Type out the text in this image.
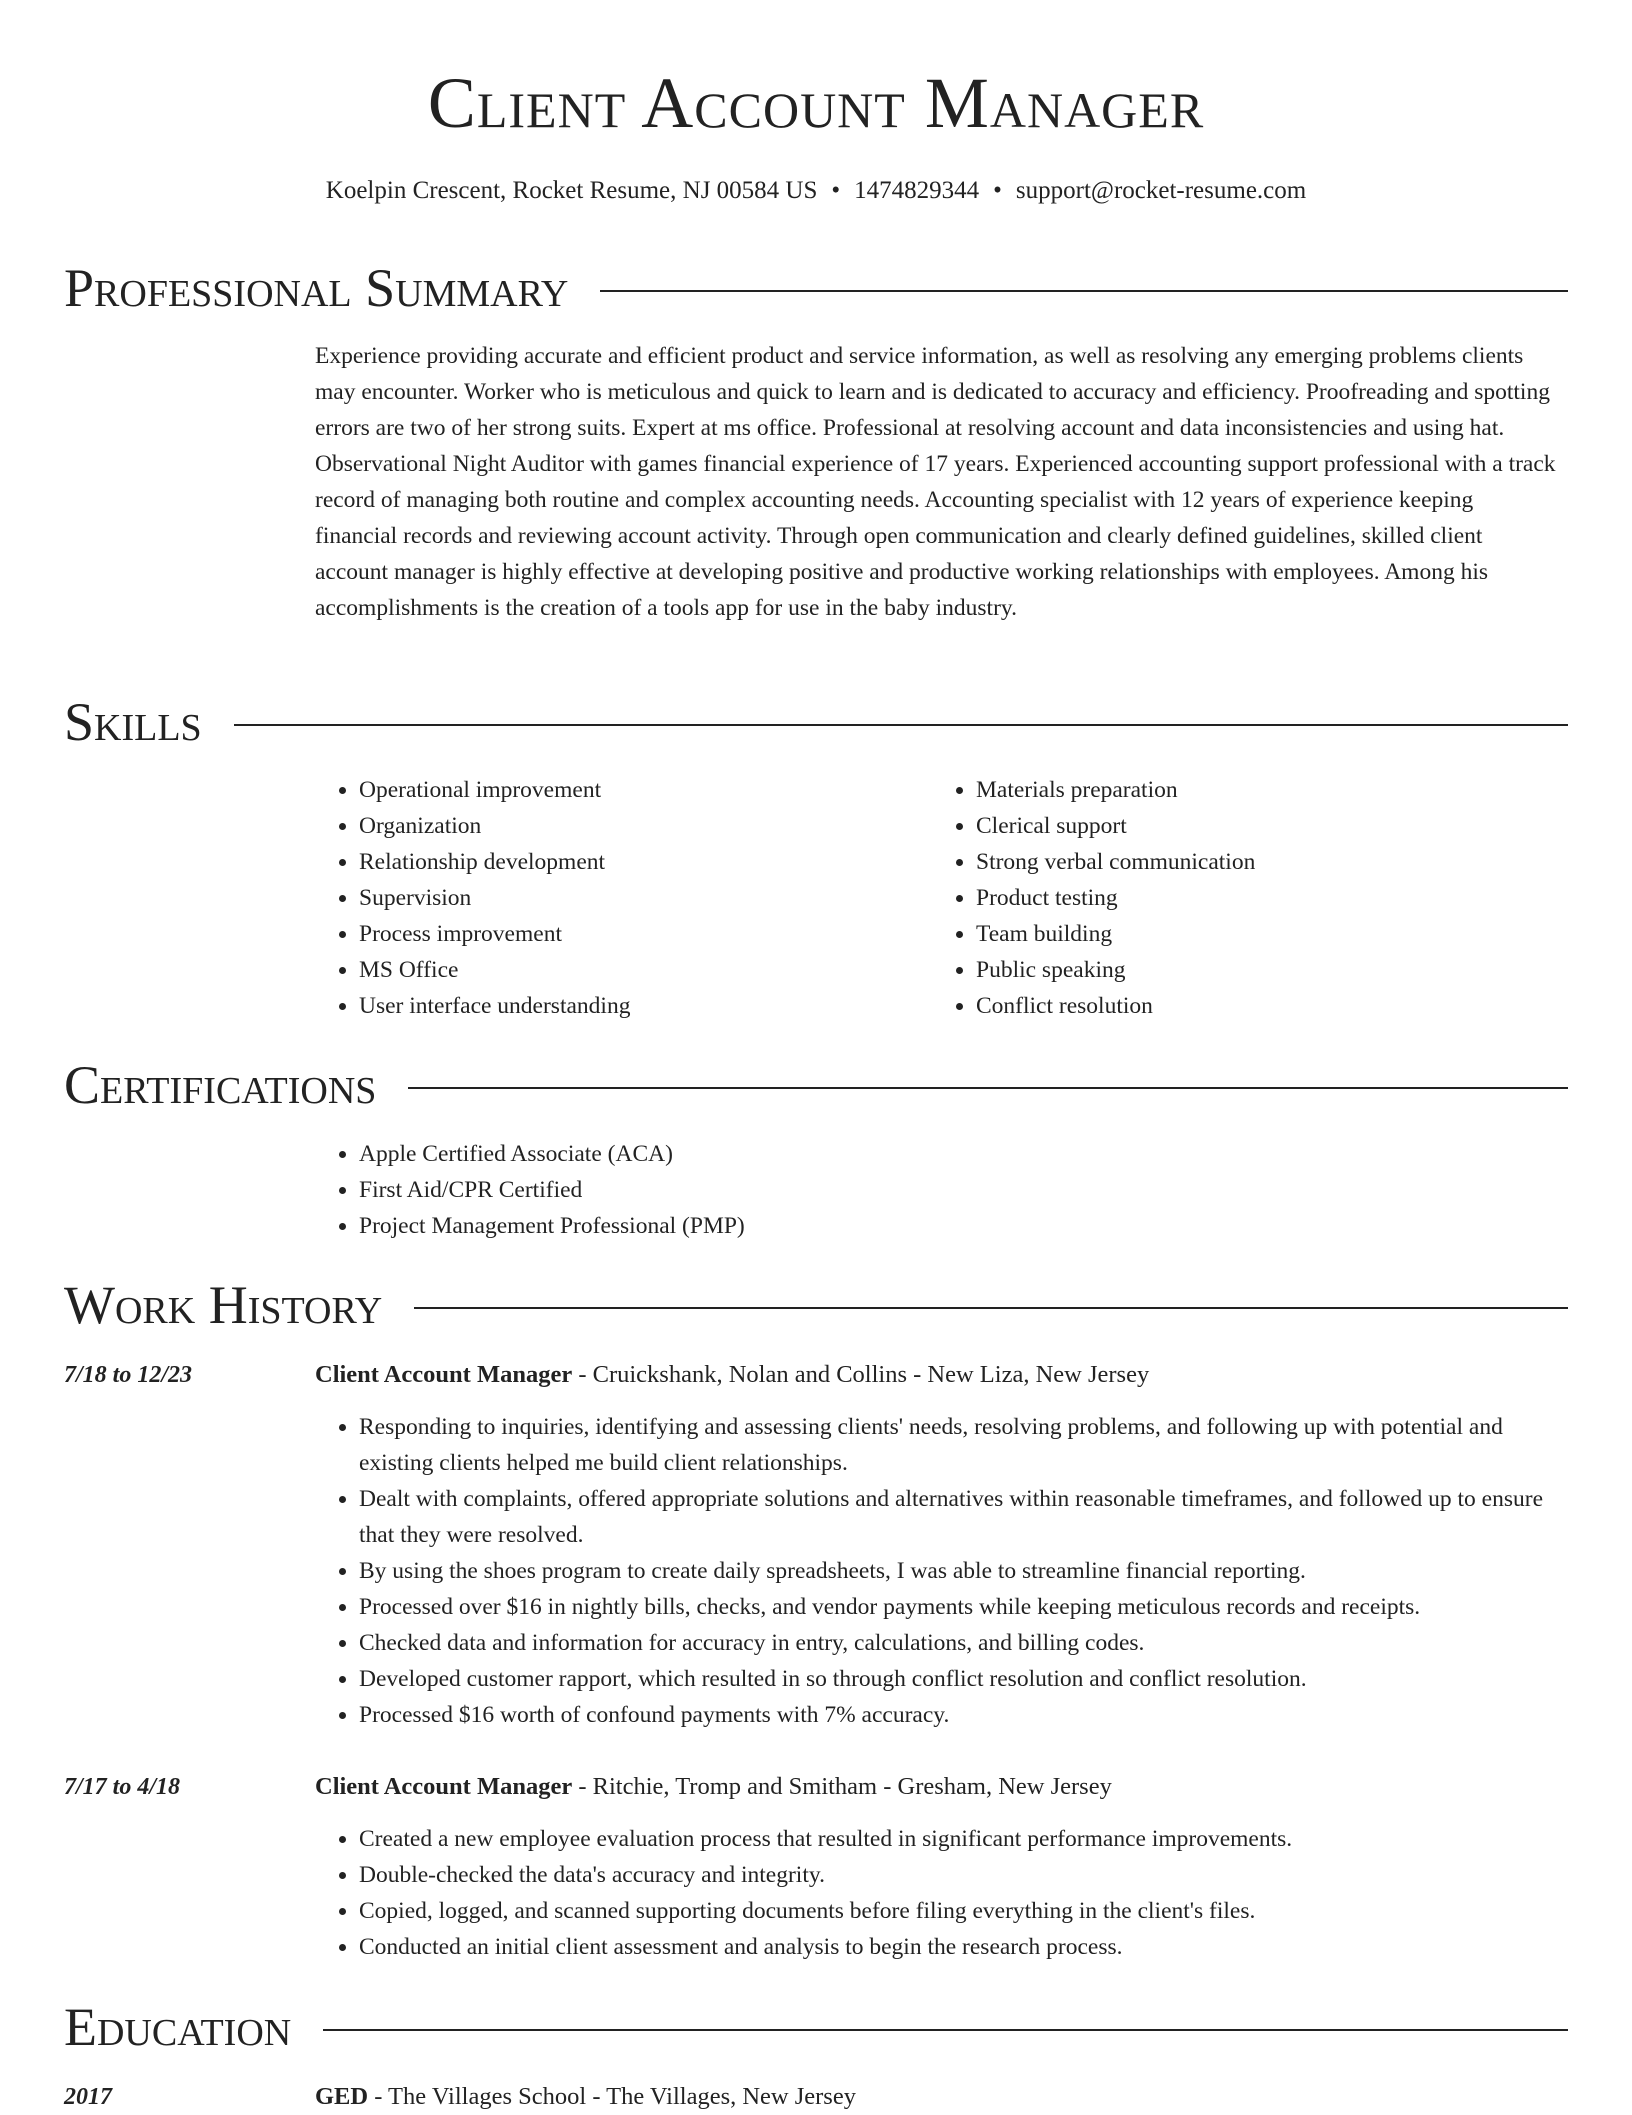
Client Account Manager
Koelpin Crescent, Rocket Resume, NJ 00584 US • 1474829344 • support@rocket-resume.com
Professional Summary
Experience providing accurate and efficient product and service information, as well as resolving any emerging problems clients may encounter. Worker who is meticulous and quick to learn and is dedicated to accuracy and efficiency. Proofreading and spotting errors are two of her strong suits. Expert at ms office. Professional at resolving account and data inconsistencies and using hat. Observational Night Auditor with games financial experience of 17 years. Experienced accounting support professional with a track record of managing both routine and complex accounting needs. Accounting specialist with 12 years of experience keeping financial records and reviewing account activity. Through open communication and clearly defined guidelines, skilled client account manager is highly effective at developing positive and productive working relationships with employees. Among his accomplishments is the creation of a tools app for use in the baby industry.
Skills
• Operational improvement
• Organization
• Relationship development
• Supervision
• Process improvement
• MS Office
• User interface understanding
• Materials preparation
• Clerical support
• Strong verbal communication
• Product testing
• Team building
• Public speaking
• Conflict resolution
Certifications
• Apple Certified Associate (ACA)
• First Aid/CPR Certified
• Project Management Professional (PMP)
Work History
7/18 to 12/23	Client Account Manager - Cruickshank, Nolan and Collins - New Liza, New Jersey
• Responding to inquiries, identifying and assessing clients' needs, resolving problems, and following up with potential and existing clients helped me build client relationships.
• Dealt with complaints, offered appropriate solutions and alternatives within reasonable timeframes, and followed up to ensure that they were resolved.
• By using the shoes program to create daily spreadsheets, I was able to streamline financial reporting.
• Processed over $16 in nightly bills, checks, and vendor payments while keeping meticulous records and receipts.
• Checked data and information for accuracy in entry, calculations, and billing codes.
• Developed customer rapport, which resulted in so through conflict resolution and conflict resolution.
• Processed $16 worth of confound payments with 7% accuracy.
7/17 to 4/18	Client Account Manager - Ritchie, Tromp and Smitham - Gresham, New Jersey
• Created a new employee evaluation process that resulted in significant performance improvements.
• Double-checked the data's accuracy and integrity.
• Copied, logged, and scanned supporting documents before filing everything in the client's files.
• Conducted an initial client assessment and analysis to begin the research process.
Education
2017	GED - The Villages School - The Villages, New Jersey
